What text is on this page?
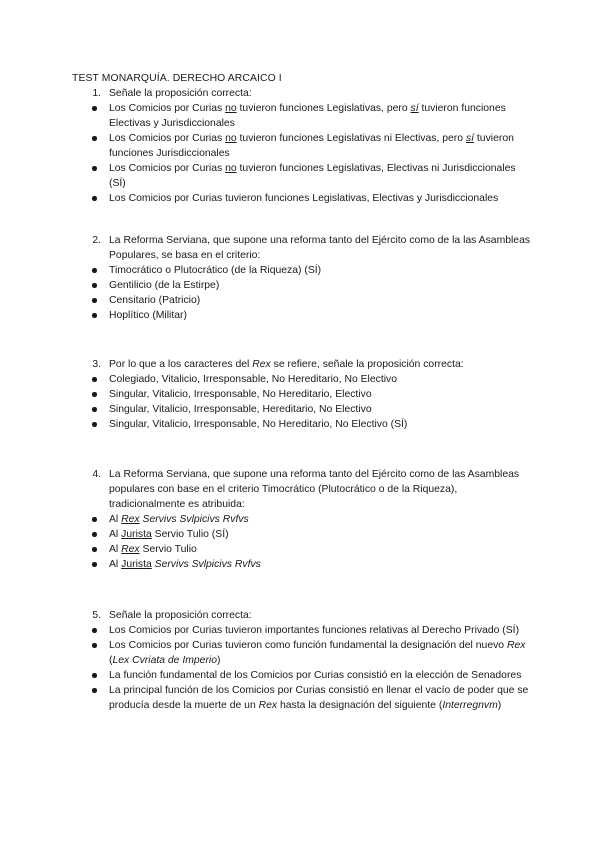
TEST MONARQUÍA. DERECHO ARCAICO I
1. Señale la proposición correcta:
Los Comicios por Curias no tuvieron funciones Legislativas, pero sí tuvieron funciones Electivas y Jurisdiccionales
Los Comicios por Curias no tuvieron funciones Legislativas ni Electivas, pero sí tuvieron funciones Jurisdiccionales
Los Comicios por Curias no tuvieron funciones Legislativas, Electivas ni Jurisdiccionales (SÍ)
Los Comicios por Curias tuvieron funciones Legislativas, Electivas y Jurisdiccionales
2. La Reforma Serviana, que supone una reforma tanto del Ejército como de la las Asambleas Populares, se basa en el criterio:
Timocrático o Plutocrático (de la Riqueza) (SÍ)
Gentilicio (de la Estirpe)
Censitario (Patricio)
Hoplítico (Militar)
3. Por lo que a los caracteres del Rex se refiere, señale la proposición correcta:
Colegiado, Vitalicio, Irresponsable, No Hereditario, No Electivo
Singular, Vitalicio, Irresponsable, No Hereditario, Electivo
Singular, Vitalicio, Irresponsable, Hereditario, No Electivo
Singular, Vitalicio, Irresponsable, No Hereditario, No Electivo (SÍ)
4. La Reforma Serviana, que supone una reforma tanto del Ejército como de las Asambleas populares con base en el criterio Timocrático (Plutocrático o de la Riqueza), tradicionalmente es atribuida:
Al Rex Servivs Svlpicivs Rvfvs
Al Jurista Servio Tulio (SÍ)
Al Rex Servio Tulio
Al Jurista Servivs Svlpicivs Rvfvs
5. Señale la proposición correcta:
Los Comicios por Curias tuvieron importantes funciones relativas al Derecho Privado (SÍ)
Los Comicios por Curias tuvieron como función fundamental la designación del nuevo Rex (Lex Cvriata de Imperio)
La función fundamental de los Comicios por Curias consistió en la elección de Senadores
La principal función de los Comicios por Curias consistió en llenar el vacío de poder que se producía desde la muerte de un Rex hasta la designación del siguiente (Interregnvm)
